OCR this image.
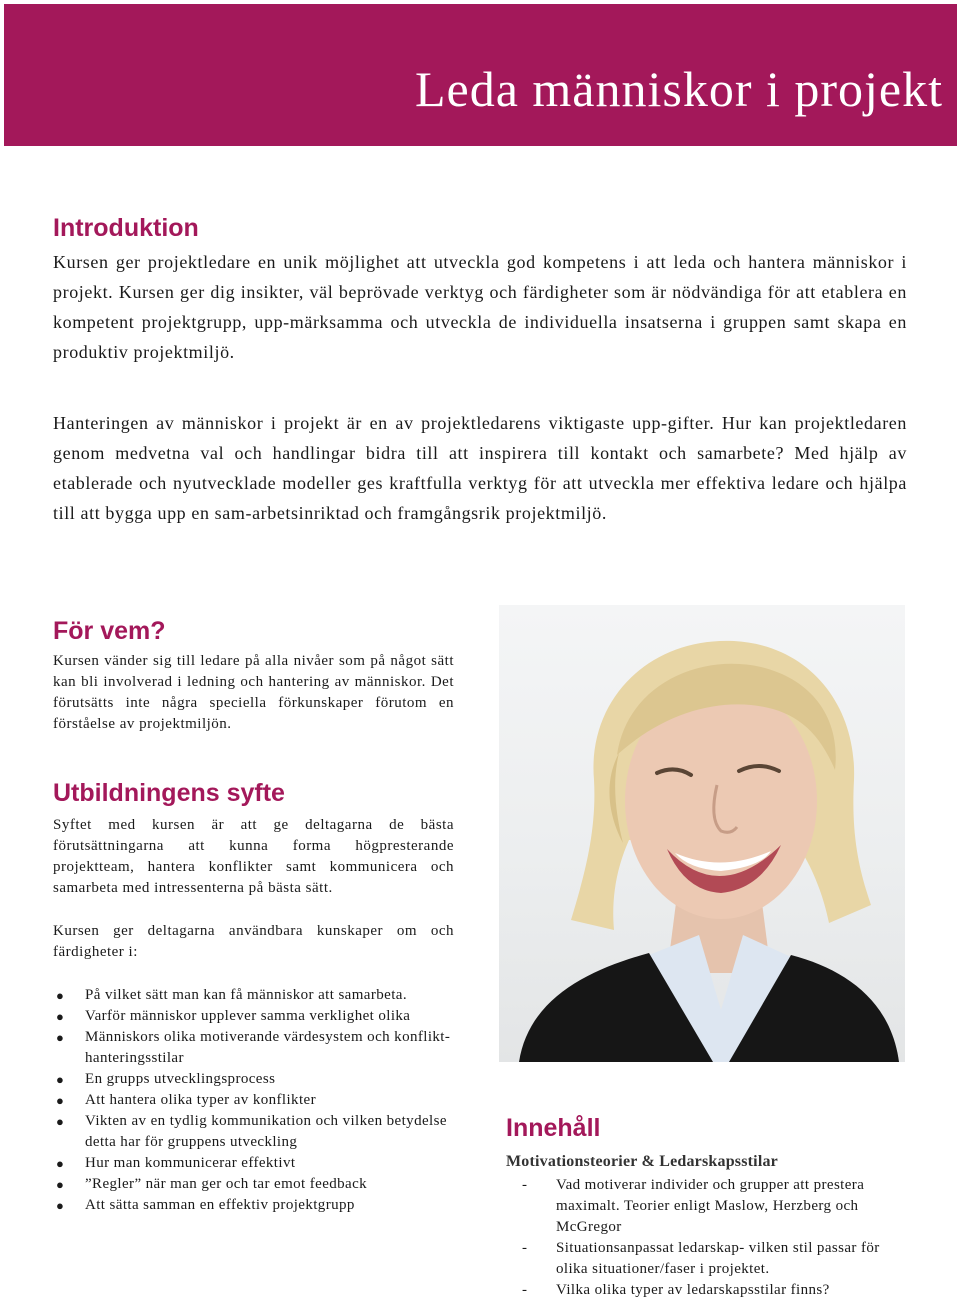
Leda människor i projekt
Introduktion

Kursen ger projektledare en unik möjlighet att utveckla god kompetens i att leda och hantera människor i projekt. Kursen ger dig insikter, väl beprövade verktyg och färdigheter som är nödvändiga för att etablera en kompetent projektgrupp, upp-märksamma och utveckla de individuella insatserna i gruppen samt skapa en produktiv projektmiljö.

Hanteringen av människor i projekt är en av projektledarens viktigaste upp-gifter. Hur kan projektledaren genom medvetna val och handlingar bidra till att inspirera till kontakt och samarbete? Med hjälp av etablerade och nyutvecklade modeller ges kraftfulla verktyg för att utveckla mer effektiva ledare och hjälpa till att bygga upp en sam-arbetsinriktad och framgångsrik projektmiljö.

För vem?

Kursen vänder sig till ledare på alla nivåer som på något sätt kan bli involverad i ledning och hantering av människor. Det förutsätts inte några speciella förkunskaper förutom en förståelse av projektmiljön.

Utbildningens syfte

Syftet med kursen är att ge deltagarna de bästa förutsättningarna att kunna forma högpresterande projektteam, hantera konflikter samt kommunicera och samarbeta med intressenterna på bästa sätt.

Kursen ger deltagarna användbara kunskaper om och färdigheter i:

● På vilket sätt man kan få människor att samarbeta.
● Varför människor upplever samma verklighet olika
● Människors olika motiverande värdesystem och konflikt-hanteringsstilar
● En grupps utvecklingsprocess
● Att hantera olika typer av konflikter
● Vikten av en tydlig kommunikation och vilken betydelse detta har för gruppens utveckling
● Hur man kommunicerar effektivt
● ”Regler” när man ger och tar emot feedback
● Att sätta samman en effektiv projektgrupp
Innehåll
Motivationsteorier & Ledarskapsstilar
- Vad motiverar individer och grupper att prestera maximalt. Teorier enligt Maslow, Herzberg och McGregor
- Situationsanpassat ledarskap- vilken stil passar för olika situationer/faser i projektet.
- Vilka olika typer av ledarskapsstilar finns?
